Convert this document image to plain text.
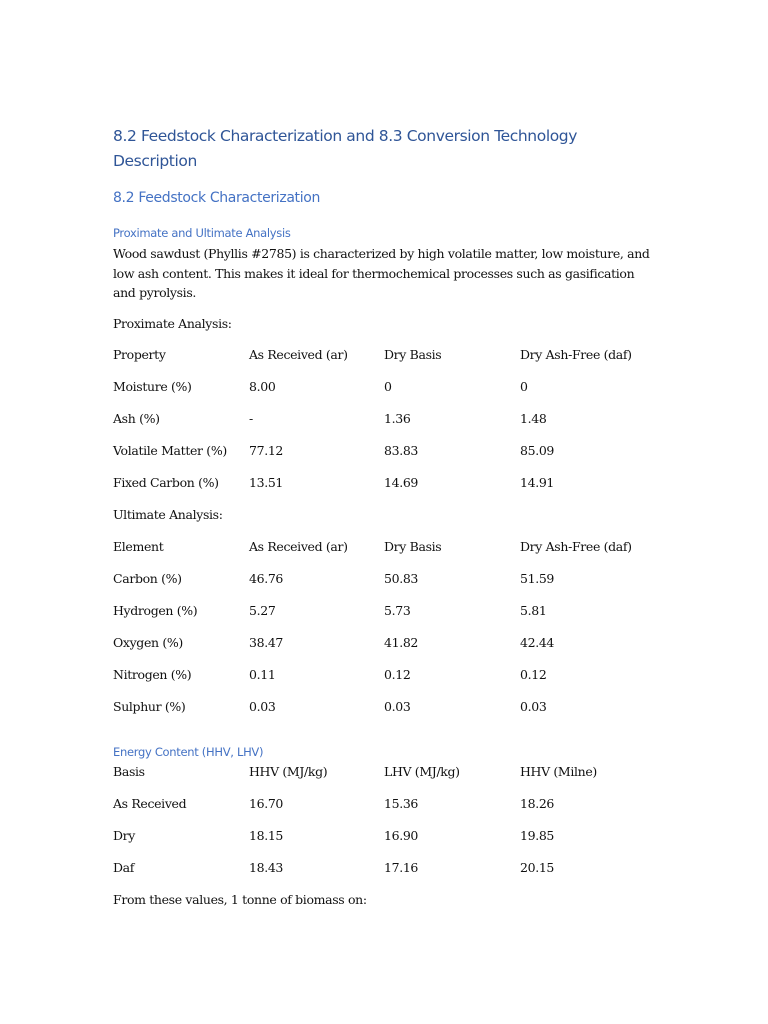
8.2 Feedstock Characterization and 8.3 Conversion Technology Description
8.2 Feedstock Characterization
Proximate and Ultimate Analysis
Wood sawdust (Phyllis #2785) is characterized by high volatile matter, low moisture, and low ash content. This makes it ideal for thermochemical processes such as gasification and pyrolysis.
Proximate Analysis:
Property	As Received (ar)	Dry Basis	Dry Ash-Free (daf)
Moisture (%)	8.00	0	0
Ash (%)	-	1.36	1.48
Volatile Matter (%) 77.12	83.83	85.09
Fixed Carbon (%) 13.51	14.69	14.91
Ultimate Analysis:
Element	As Received (ar)	Dry Basis	Dry Ash-Free (daf)
Carbon (%)	46.76	50.83	51.59
Hydrogen (%)	5.27	5.73	5.81
Oxygen (%)	38.47	41.82	42.44
Nitrogen (%)	0.11	0.12	0.12
Sulphur (%)	0.03	0.03	0.03
Energy Content (HHV, LHV)
Basis	HHV (MJ/kg)	LHV (MJ/kg)	HHV (Milne)
As Received	16.70	15.36	18.26
Dry	18.15	16.90	19.85
Daf	18.43	17.16	20.15
From these values, 1 tonne of biomass on:
